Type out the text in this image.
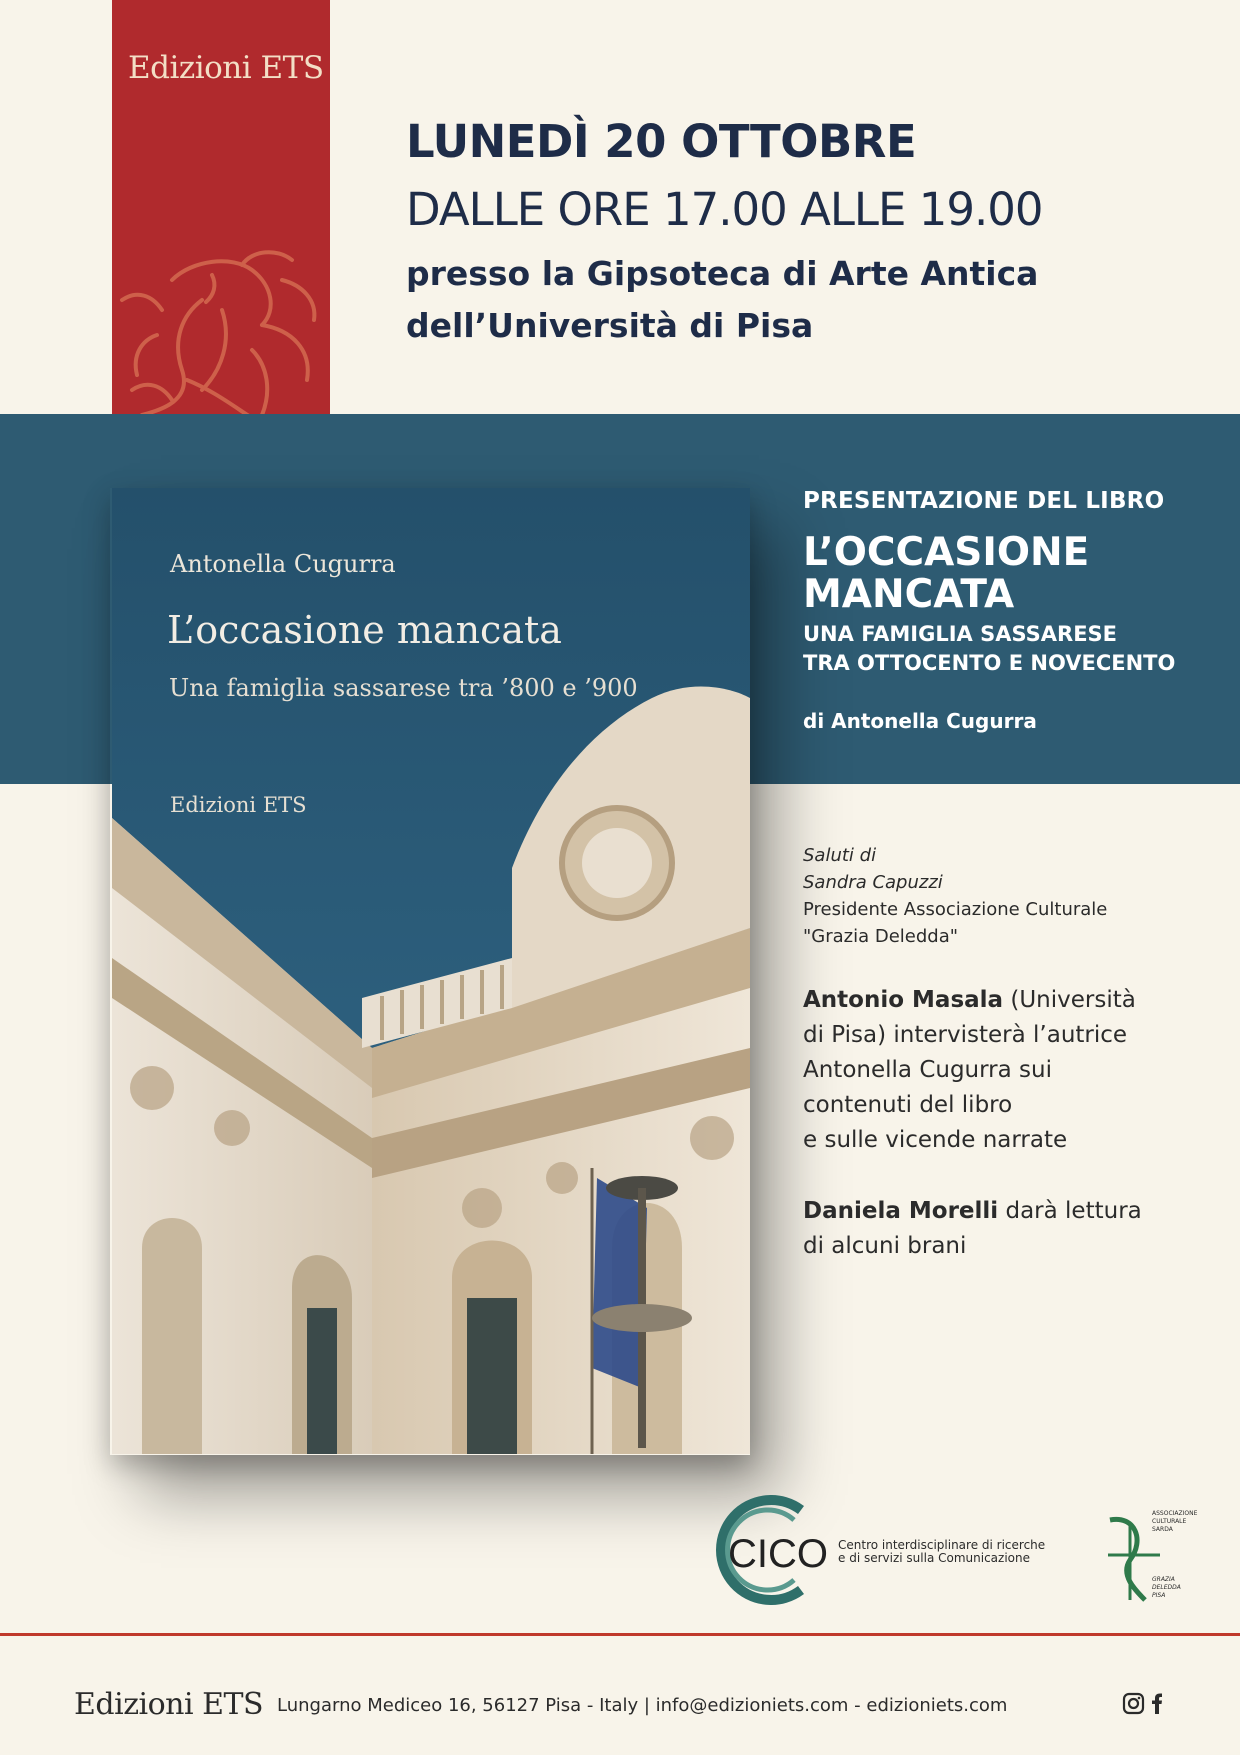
Edizioni ETS
LUNEDÌ 20 OTTOBRE
DALLE ORE 17.00 ALLE 19.00
presso la Gipsoteca di Arte Antica
dell’Università di Pisa
Antonella Cugurra
L’occasione mancata
Una famiglia sassarese tra ’800 e ’900
Edizioni ETS
PRESENTAZIONE DEL LIBRO
L’OCCASIONE
MANCATA
UNA FAMIGLIA SASSARESE
TRA OTTOCENTO E NOVECENTO
di Antonella Cugurra
Saluti di
Sandra Capuzzi
Presidente Associazione Culturale
"Grazia Deledda"
Antonio Masala (Università
di Pisa) intervisterà l’autrice
Antonella Cugurra sui
contenuti del libro
e sulle vicende narrate
Daniela Morelli darà lettura
di alcuni brani
CICO Centro interdisciplinare di ricerche
e di servizi sulla Comunicazione
ASSOCIAZIONE
CULTURALE
SARDA
GRAZIA
DELEDDA
PISA
Edizioni ETS Lungarno Mediceo 16, 56127 Pisa - Italy | info@edizioniets.com - edizioniets.com
